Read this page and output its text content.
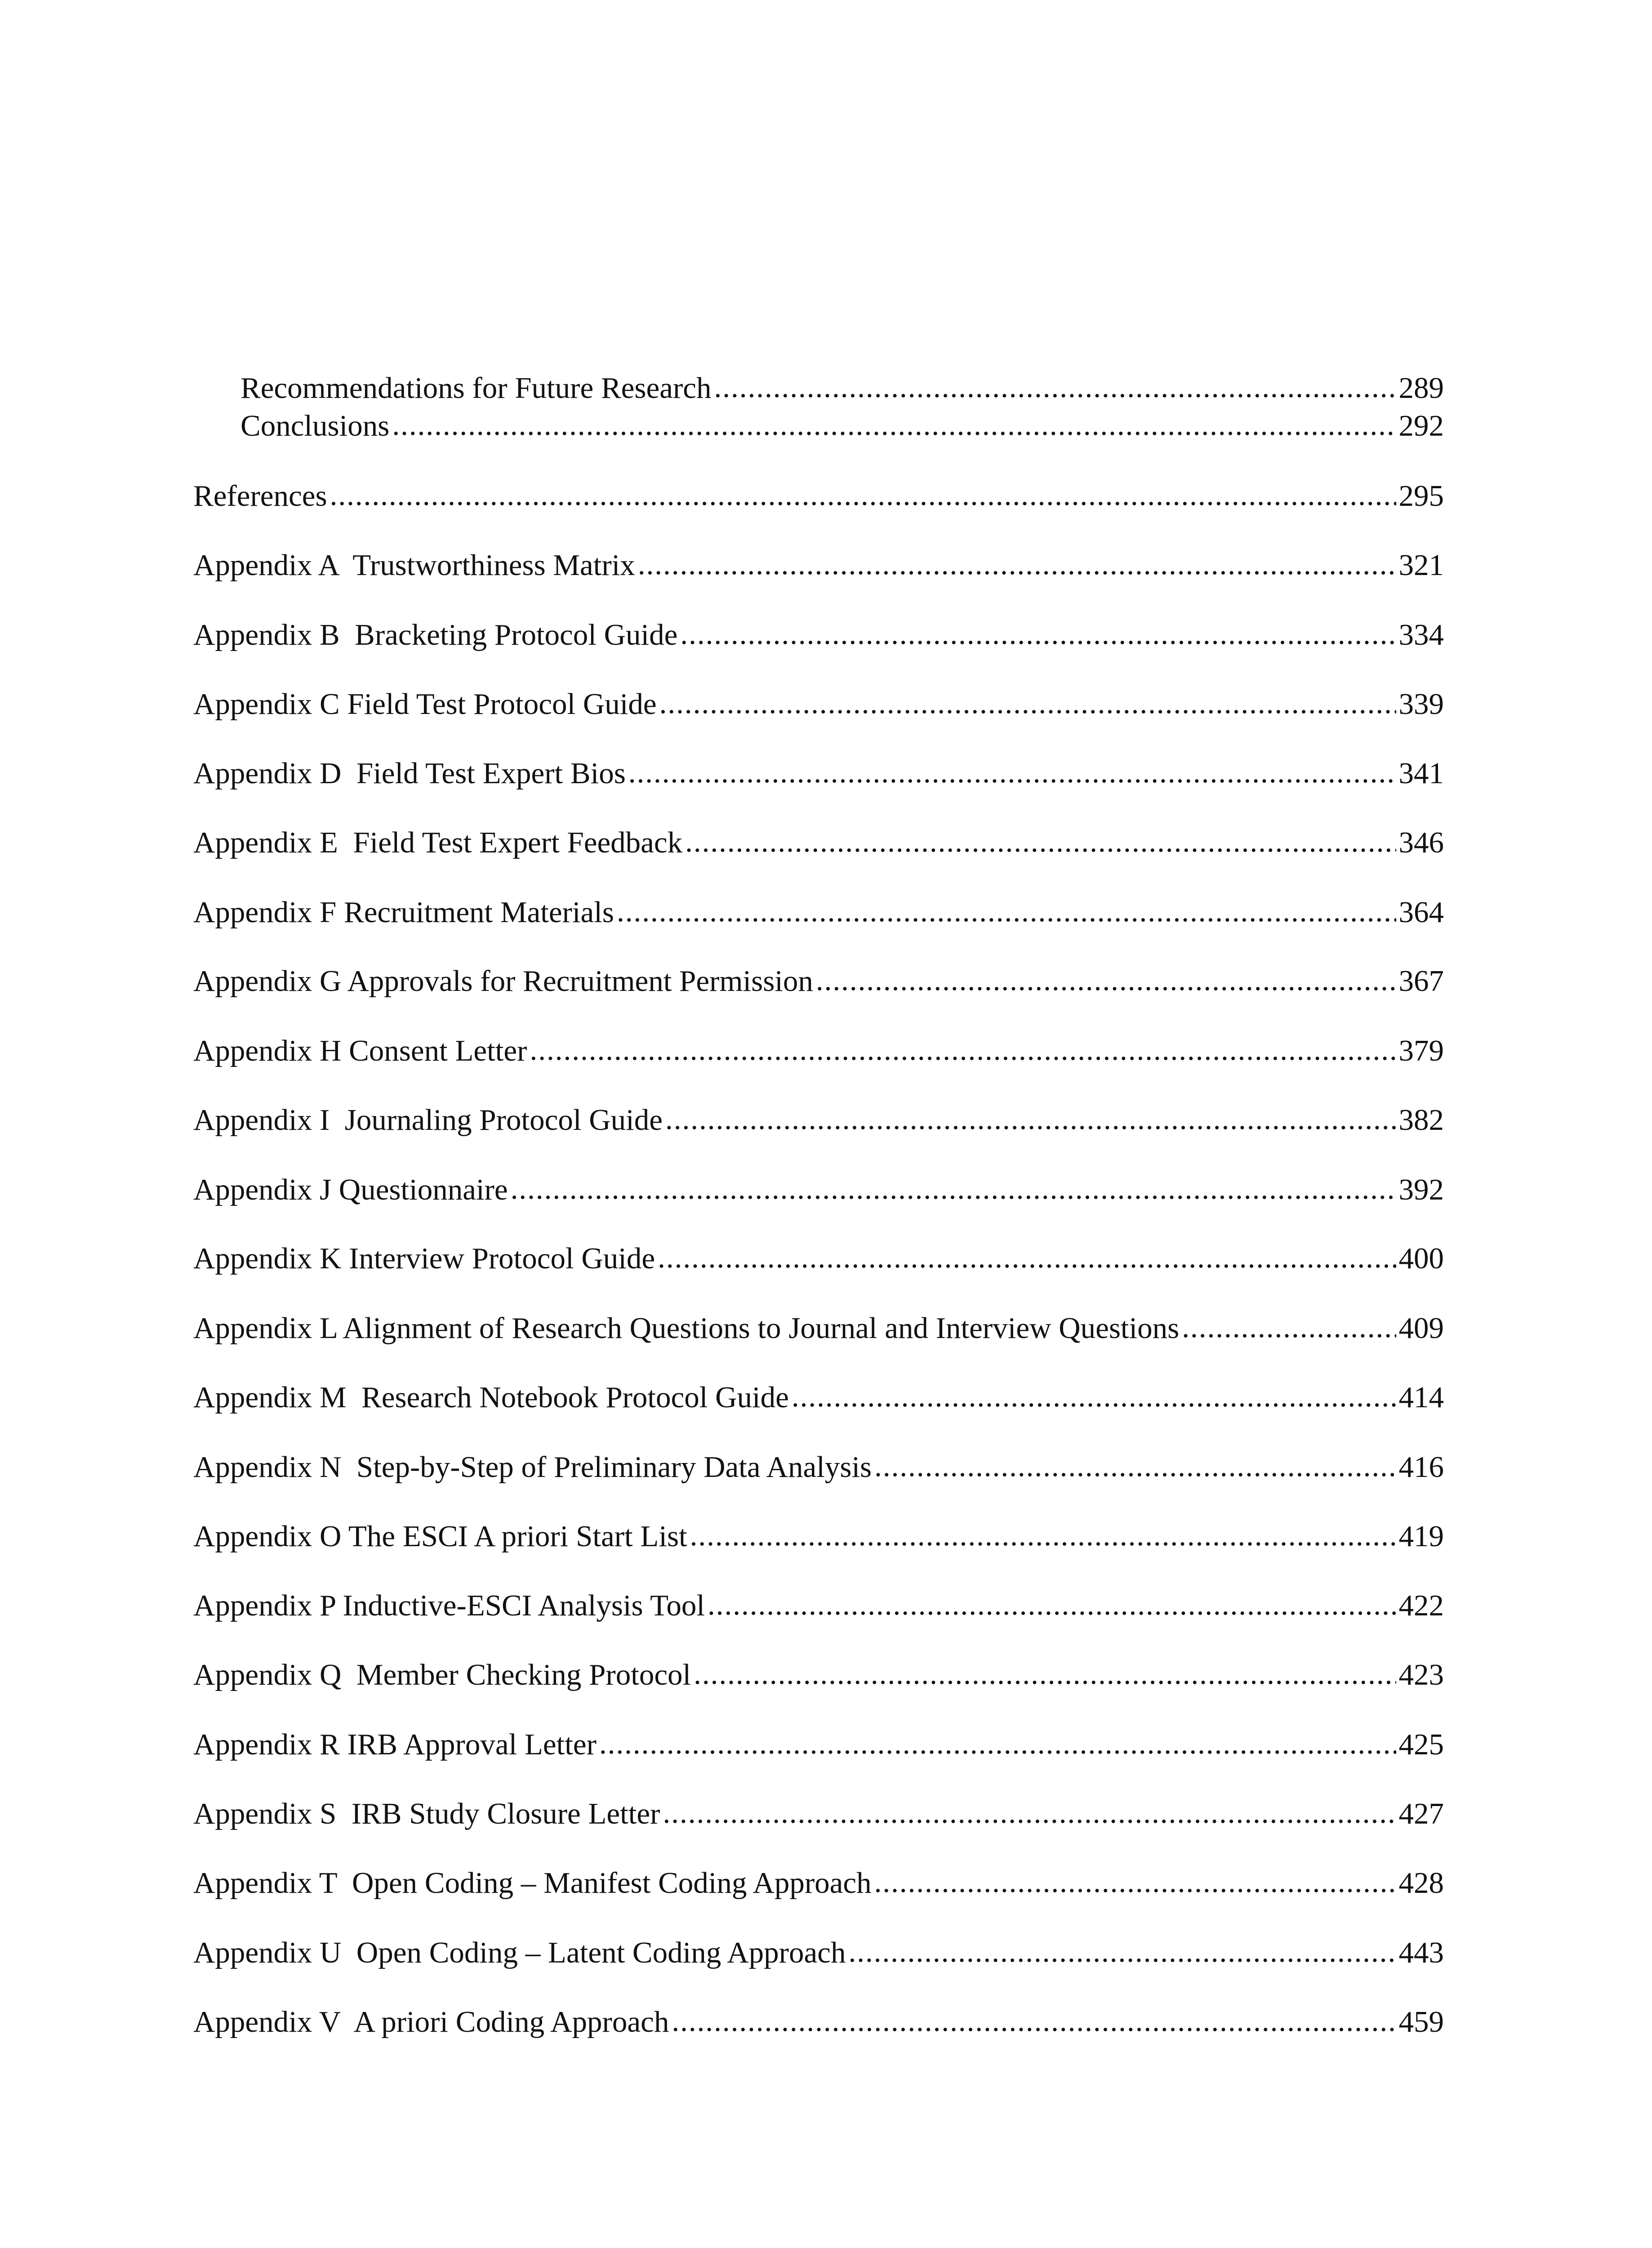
Recommendations for Future Research .....	289
Conclusions .....	292
References .....	295
Appendix A  Trustworthiness Matrix .....	321
Appendix B  Bracketing Protocol Guide .....	334
Appendix C Field Test Protocol Guide .....	339
Appendix D  Field Test Expert Bios .....	341
Appendix E  Field Test Expert Feedback .....	346
Appendix F Recruitment Materials .....	364
Appendix G Approvals for Recruitment Permission .....	367
Appendix H Consent Letter .....	379
Appendix I  Journaling Protocol Guide .....	382
Appendix J Questionnaire .....	392
Appendix K Interview Protocol Guide .....	400
Appendix L Alignment of Research Questions to Journal and Interview Questions .....	409
Appendix M  Research Notebook Protocol Guide .....	414
Appendix N  Step-by-Step of Preliminary Data Analysis .....	416
Appendix O The ESCI A priori Start List .....	419
Appendix P Inductive-ESCI Analysis Tool .....	422
Appendix Q  Member Checking Protocol .....	423
Appendix R IRB Approval Letter .....	425
Appendix S  IRB Study Closure Letter .....	427
Appendix T  Open Coding – Manifest Coding Approach .....	428
Appendix U  Open Coding – Latent Coding Approach .....	443
Appendix V  A priori Coding Approach .....	459
